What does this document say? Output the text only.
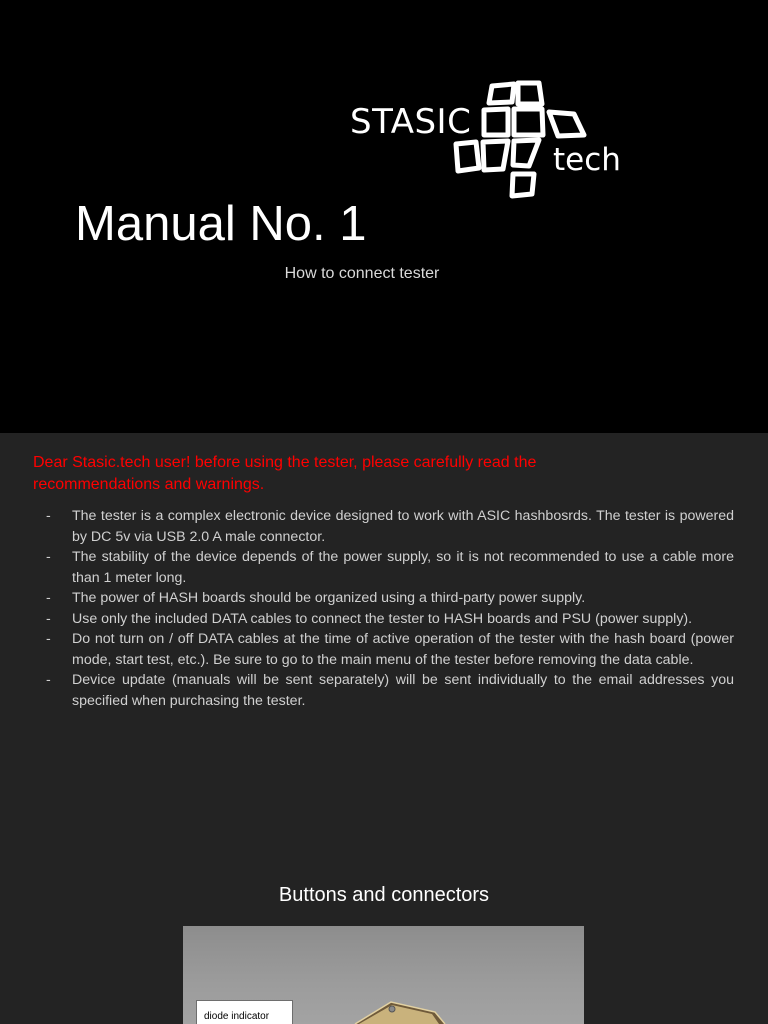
STASIC
tech
Manual No. 1
How to connect tester
Dear Stasic.tech user! before using the tester, please carefully read the recommendations and warnings.
- The tester is a complex electronic device designed to work with ASIC hashbosrds. The tester is powered by DC 5v via USB 2.0 A male connector.
- The stability of the device depends of the power supply, so it is not recommended to use a cable more than 1 meter long.
- The power of HASH boards should be organized using a third-party power supply.
- Use only the included DATA cables to connect the tester to HASH boards and PSU (power supply).
- Do not turn on / off DATA cables at the time of active operation of the tester with the hash board (power mode, start test, etc.). Be sure to go to the main menu of the tester before removing the data cable.
- Device update (manuals will be sent separately) will be sent individually to the email addresses you specified when purchasing the tester.
Buttons and connectors
diode indicator
